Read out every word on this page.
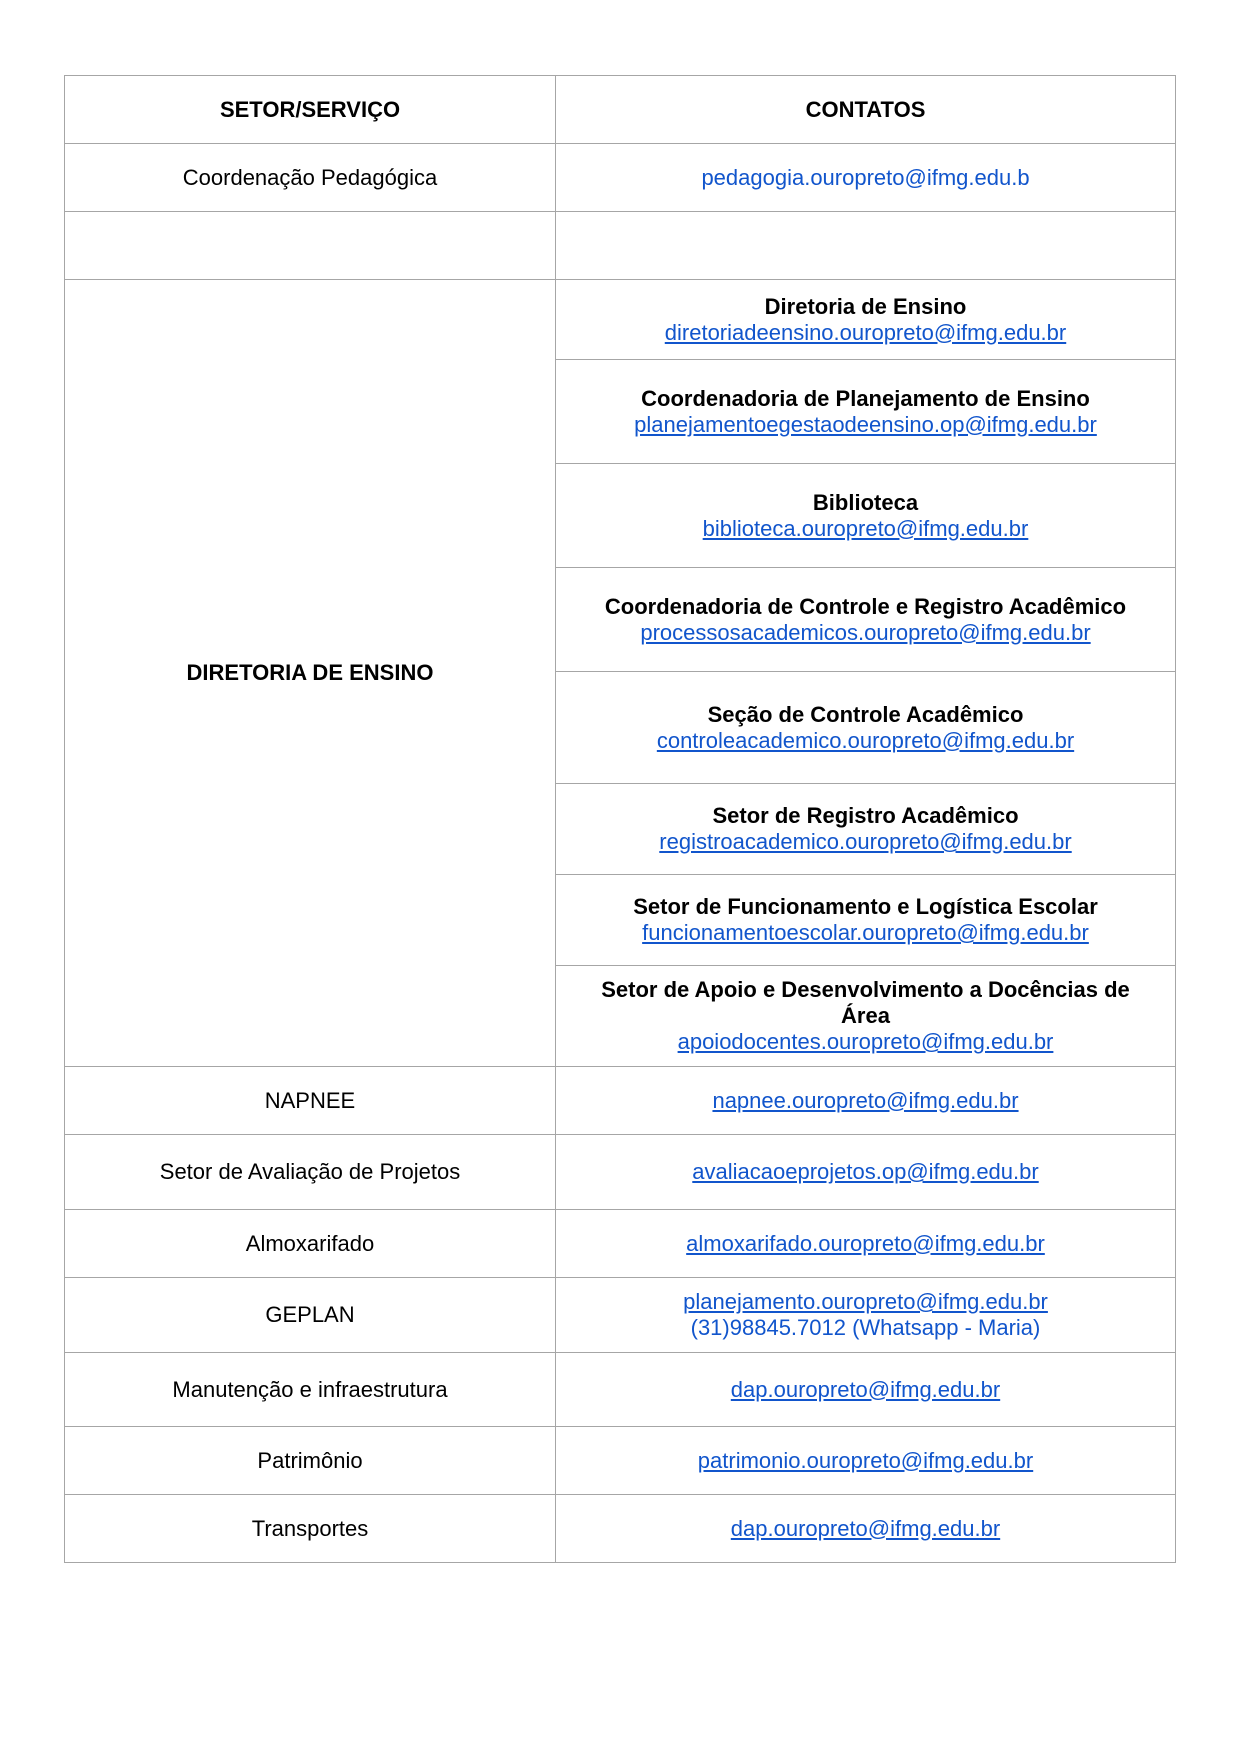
SETOR/SERVIÇO	CONTATOS
Coordenação Pedagógica	pedagogia.ouropreto@ifmg.edu.b

DIRETORIA DE ENSINO	Diretoria de Ensino
diretoriadeensino.ouropreto@ifmg.edu.br

	Coordenadoria de Planejamento de Ensino
planejamentoegestaodeensino.op@ifmg.edu.br

	Biblioteca
biblioteca.ouropreto@ifmg.edu.br

	Coordenadoria de Controle e Registro Acadêmico
processosacademicos.ouropreto@ifmg.edu.br

	Seção de Controle Acadêmico
controleacademico.ouropreto@ifmg.edu.br

	Setor de Registro Acadêmico
registroacademico.ouropreto@ifmg.edu.br

	Setor de Funcionamento e Logística Escolar
funcionamentoescolar.ouropreto@ifmg.edu.br

	Setor de Apoio e Desenvolvimento a Docências de Área
apoiodocentes.ouropreto@ifmg.edu.br

NAPNEE	napnee.ouropreto@ifmg.edu.br

Setor de Avaliação de Projetos	avaliacaoeprojetos.op@ifmg.edu.br

Almoxarifado	almoxarifado.ouropreto@ifmg.edu.br

GEPLAN	planejamento.ouropreto@ifmg.edu.br
(31)98845.7012 (Whatsapp - Maria)

Manutenção e infraestrutura	dap.ouropreto@ifmg.edu.br

Patrimônio	patrimonio.ouropreto@ifmg.edu.br

Transportes	dap.ouropreto@ifmg.edu.br
